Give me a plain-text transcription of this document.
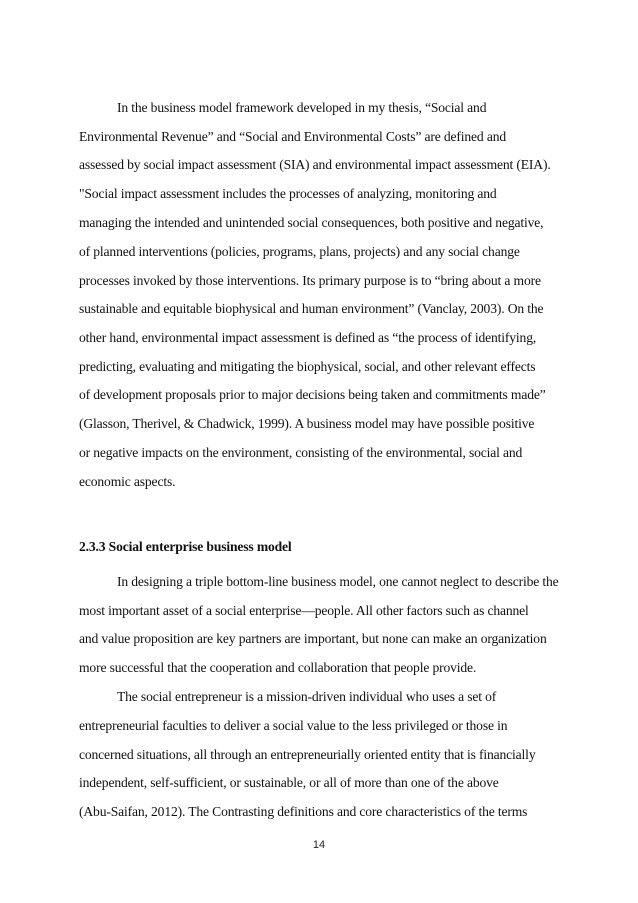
In the business model framework developed in my thesis, “Social and
Environmental Revenue” and “Social and Environmental Costs” are defined and
assessed by social impact assessment (SIA) and environmental impact assessment (EIA).
"Social impact assessment includes the processes of analyzing, monitoring and
managing the intended and unintended social consequences, both positive and negative,
of planned interventions (policies, programs, plans, projects) and any social change
processes invoked by those interventions. Its primary purpose is to “bring about a more
sustainable and equitable biophysical and human environment” (Vanclay, 2003). On the
other hand, environmental impact assessment is defined as “the process of identifying,
predicting, evaluating and mitigating the biophysical, social, and other relevant effects
of development proposals prior to major decisions being taken and commitments made”
(Glasson, Therivel, & Chadwick, 1999). A business model may have possible positive
or negative impacts on the environment, consisting of the environmental, social and
economic aspects.
2.3.3 Social enterprise business model
In designing a triple bottom-line business model, one cannot neglect to describe the
most important asset of a social enterprise—people. All other factors such as channel
and value proposition are key partners are important, but none can make an organization
more successful that the cooperation and collaboration that people provide.
The social entrepreneur is a mission-driven individual who uses a set of
entrepreneurial faculties to deliver a social value to the less privileged or those in
concerned situations, all through an entrepreneurially oriented entity that is financially
independent, self-sufficient, or sustainable, or all of more than one of the above
(Abu-Saifan, 2012). The Contrasting definitions and core characteristics of the terms
14
